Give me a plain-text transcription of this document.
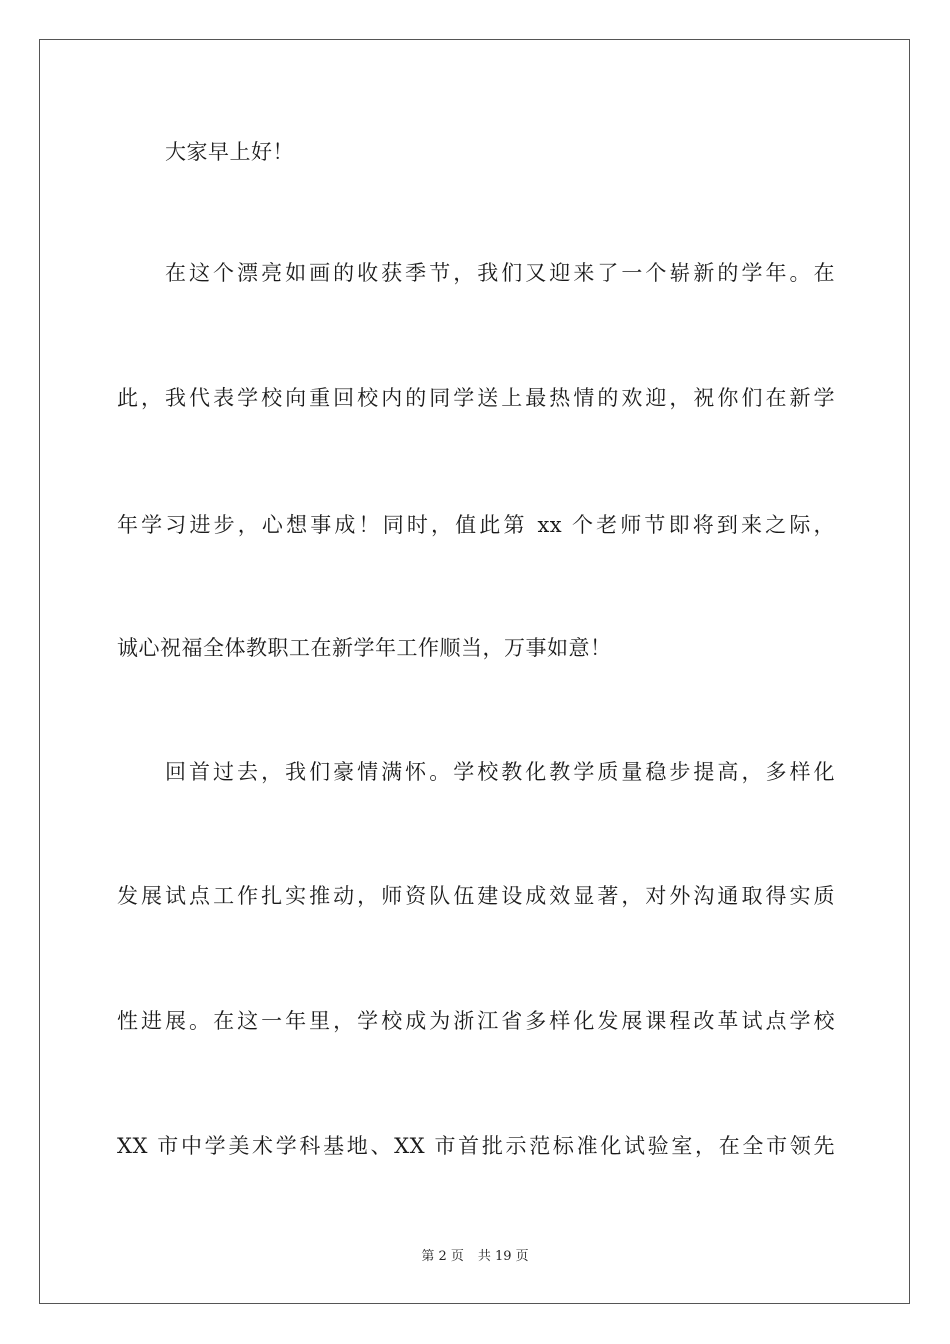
大家早上好！
在这个漂亮如画的收获季节，我们又迎来了一个崭新的学年。在
此，我代表学校向重回校内的同学送上最热情的欢迎，祝你们在新学
年学习进步，心想事成！同时，值此第 xx 个老师节即将到来之际，
诚心祝福全体教职工在新学年工作顺当，万事如意！
回首过去，我们豪情满怀。学校教化教学质量稳步提高，多样化
发展试点工作扎实推动，师资队伍建设成效显著，对外沟通取得实质
性进展。在这一年里，学校成为浙江省多样化发展课程改革试点学校
XX 市中学美术学科基地、XX 市首批示范标准化试验室，在全市领先
第 2 页 共 19 页
